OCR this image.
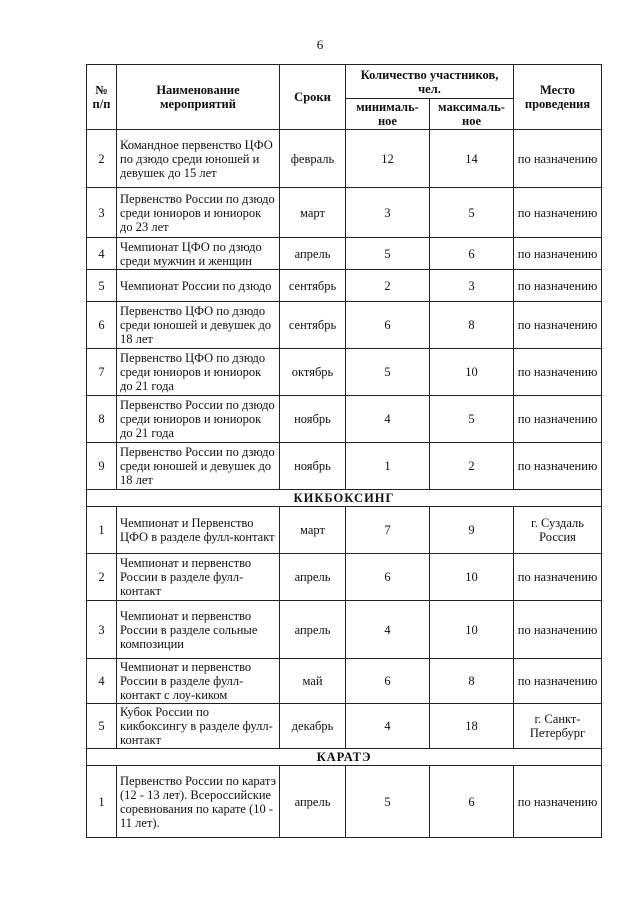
6
№ п/п	Наименование мероприятий	Сроки	Количество участников, чел.		Место проведения
			минималь-ное	максималь-ное	
2	Командное первенство ЦФО по дзюдо среди юношей и девушек до 15 лет	февраль	12	14	по назначению
3	Первенство России по дзюдо среди юниоров и юниорок до 23 лет	март	3	5	по назначению
4	Чемпионат ЦФО по дзюдо среди мужчин и женщин	апрель	5	6	по назначению
5	Чемпионат России по дзюдо	сентябрь	2	3	по назначению
6	Первенство ЦФО по дзюдо среди юношей и девушек до 18 лет	сентябрь	6	8	по назначению
7	Первенство ЦФО по дзюдо среди юниоров и юниорок до 21 года	октябрь	5	10	по назначению
8	Первенство России по дзюдо среди юниоров и юниорок до 21 года	ноябрь	4	5	по назначению
9	Первенство России по дзюдо среди юношей и девушек до 18 лет	ноябрь	1	2	по назначению
КИКБОКСИНГ					
1	Чемпионат и Первенство ЦФО в разделе фулл-контакт	март	7	9	г. Суздаль Россия
2	Чемпионат и первенство России в разделе фулл-контакт	апрель	6	10	по назначению
3	Чемпионат и первенство России в разделе сольные композиции	апрель	4	10	по назначению
4	Чемпионат и первенство России в разделе фулл-контакт с лоу-киком	май	6	8	по назначению
5	Кубок России по кикбоксингу в разделе фулл-контакт	декабрь	4	18	г. Санкт-Петербург
КАРАТЭ					
1	Первенство России по каратэ (12 - 13 лет). Всероссийские соревнования по карате (10 - 11 лет).	апрель	5	6	по назначению
